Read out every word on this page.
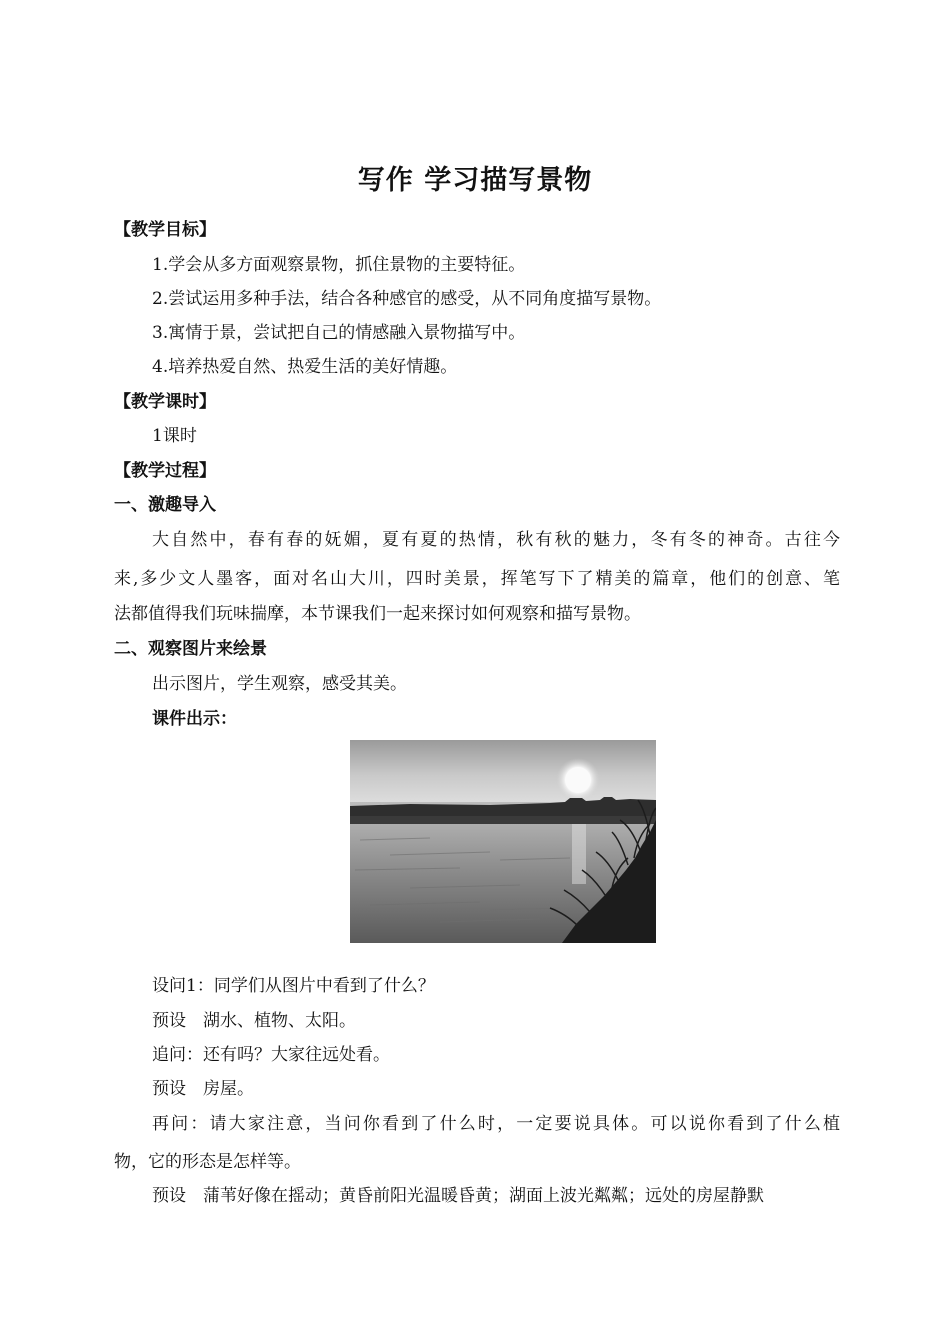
写作 学习描写景物
【教学目标】
1.学会从多方面观察景物，抓住景物的主要特征。
2.尝试运用多种手法，结合各种感官的感受，从不同角度描写景物。
3.寓情于景，尝试把自己的情感融入景物描写中。
4.培养热爱自然、热爱生活的美好情趣。
【教学课时】
1课时
【教学过程】
一、激趣导入
大自然中，春有春的妩媚，夏有夏的热情，秋有秋的魅力，冬有冬的神奇。古往今
来,多少文人墨客，面对名山大川，四时美景，挥笔写下了精美的篇章，他们的创意、笔
法都值得我们玩味揣摩，本节课我们一起来探讨如何观察和描写景物。
二、观察图片来绘景
出示图片，学生观察，感受其美。
课件出示：
设问1：同学们从图片中看到了什么？
预设　湖水、植物、太阳。
追问：还有吗？大家往远处看。
预设　房屋。
再问：请大家注意，当问你看到了什么时，一定要说具体。可以说你看到了什么植
物，它的形态是怎样等。
预设　蒲苇好像在摇动；黄昏前阳光温暖昏黄；湖面上波光粼粼；远处的房屋静默
